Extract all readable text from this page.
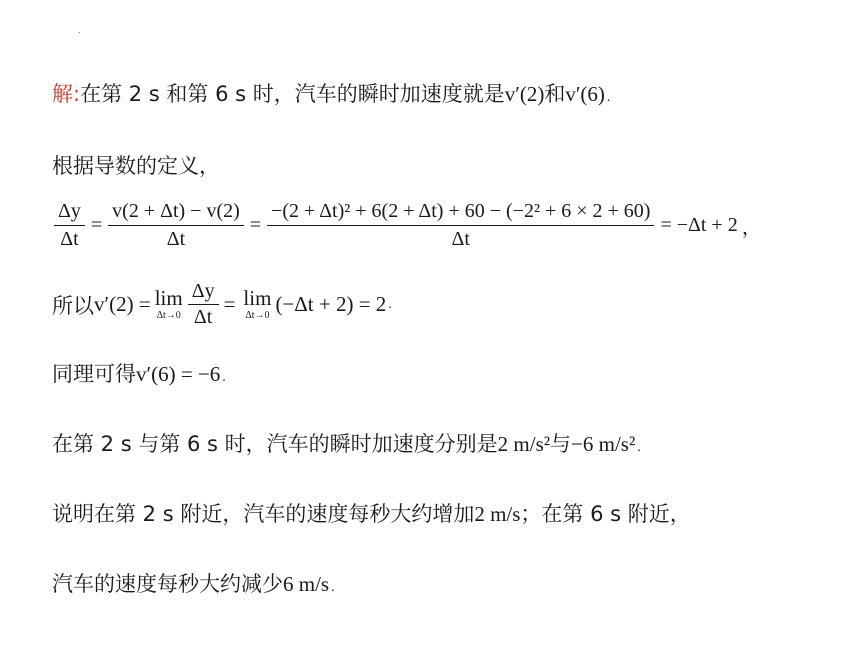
.
解: 在第 2 s 和第 6 s 时，汽车的瞬时加速度就是 v′(2) 和 v′(6) .
根据导数的定义，
$\frac{\Delta y}{\Delta t} = \frac{v(2 + \Delta t) - v(2)}{\Delta t} = \frac{\text{−(2 + Δt)² + 6(2 + Δt) + 60 − (−2² + 6 × 2 + 60)}}{\Delta t} = -\Delta t + 2$ ，
所以 v′(2) = lim
$\Delta t\to 0 \frac{\Delta y}{\Delta t} = \lim$
Δt→0 (−Δt + 2) = 2 .
同理可得 v′(6) = −6 .
在第 2 s 与第 6 s 时，汽车的瞬时加速度分别是 2 m/s² 与 −6 m/s² .
说明在第 2 s 附近，汽车的速度每秒大约增加 2 m/s ；在第 6 s 附近，
汽车的速度每秒大约减少 6 m/s .
